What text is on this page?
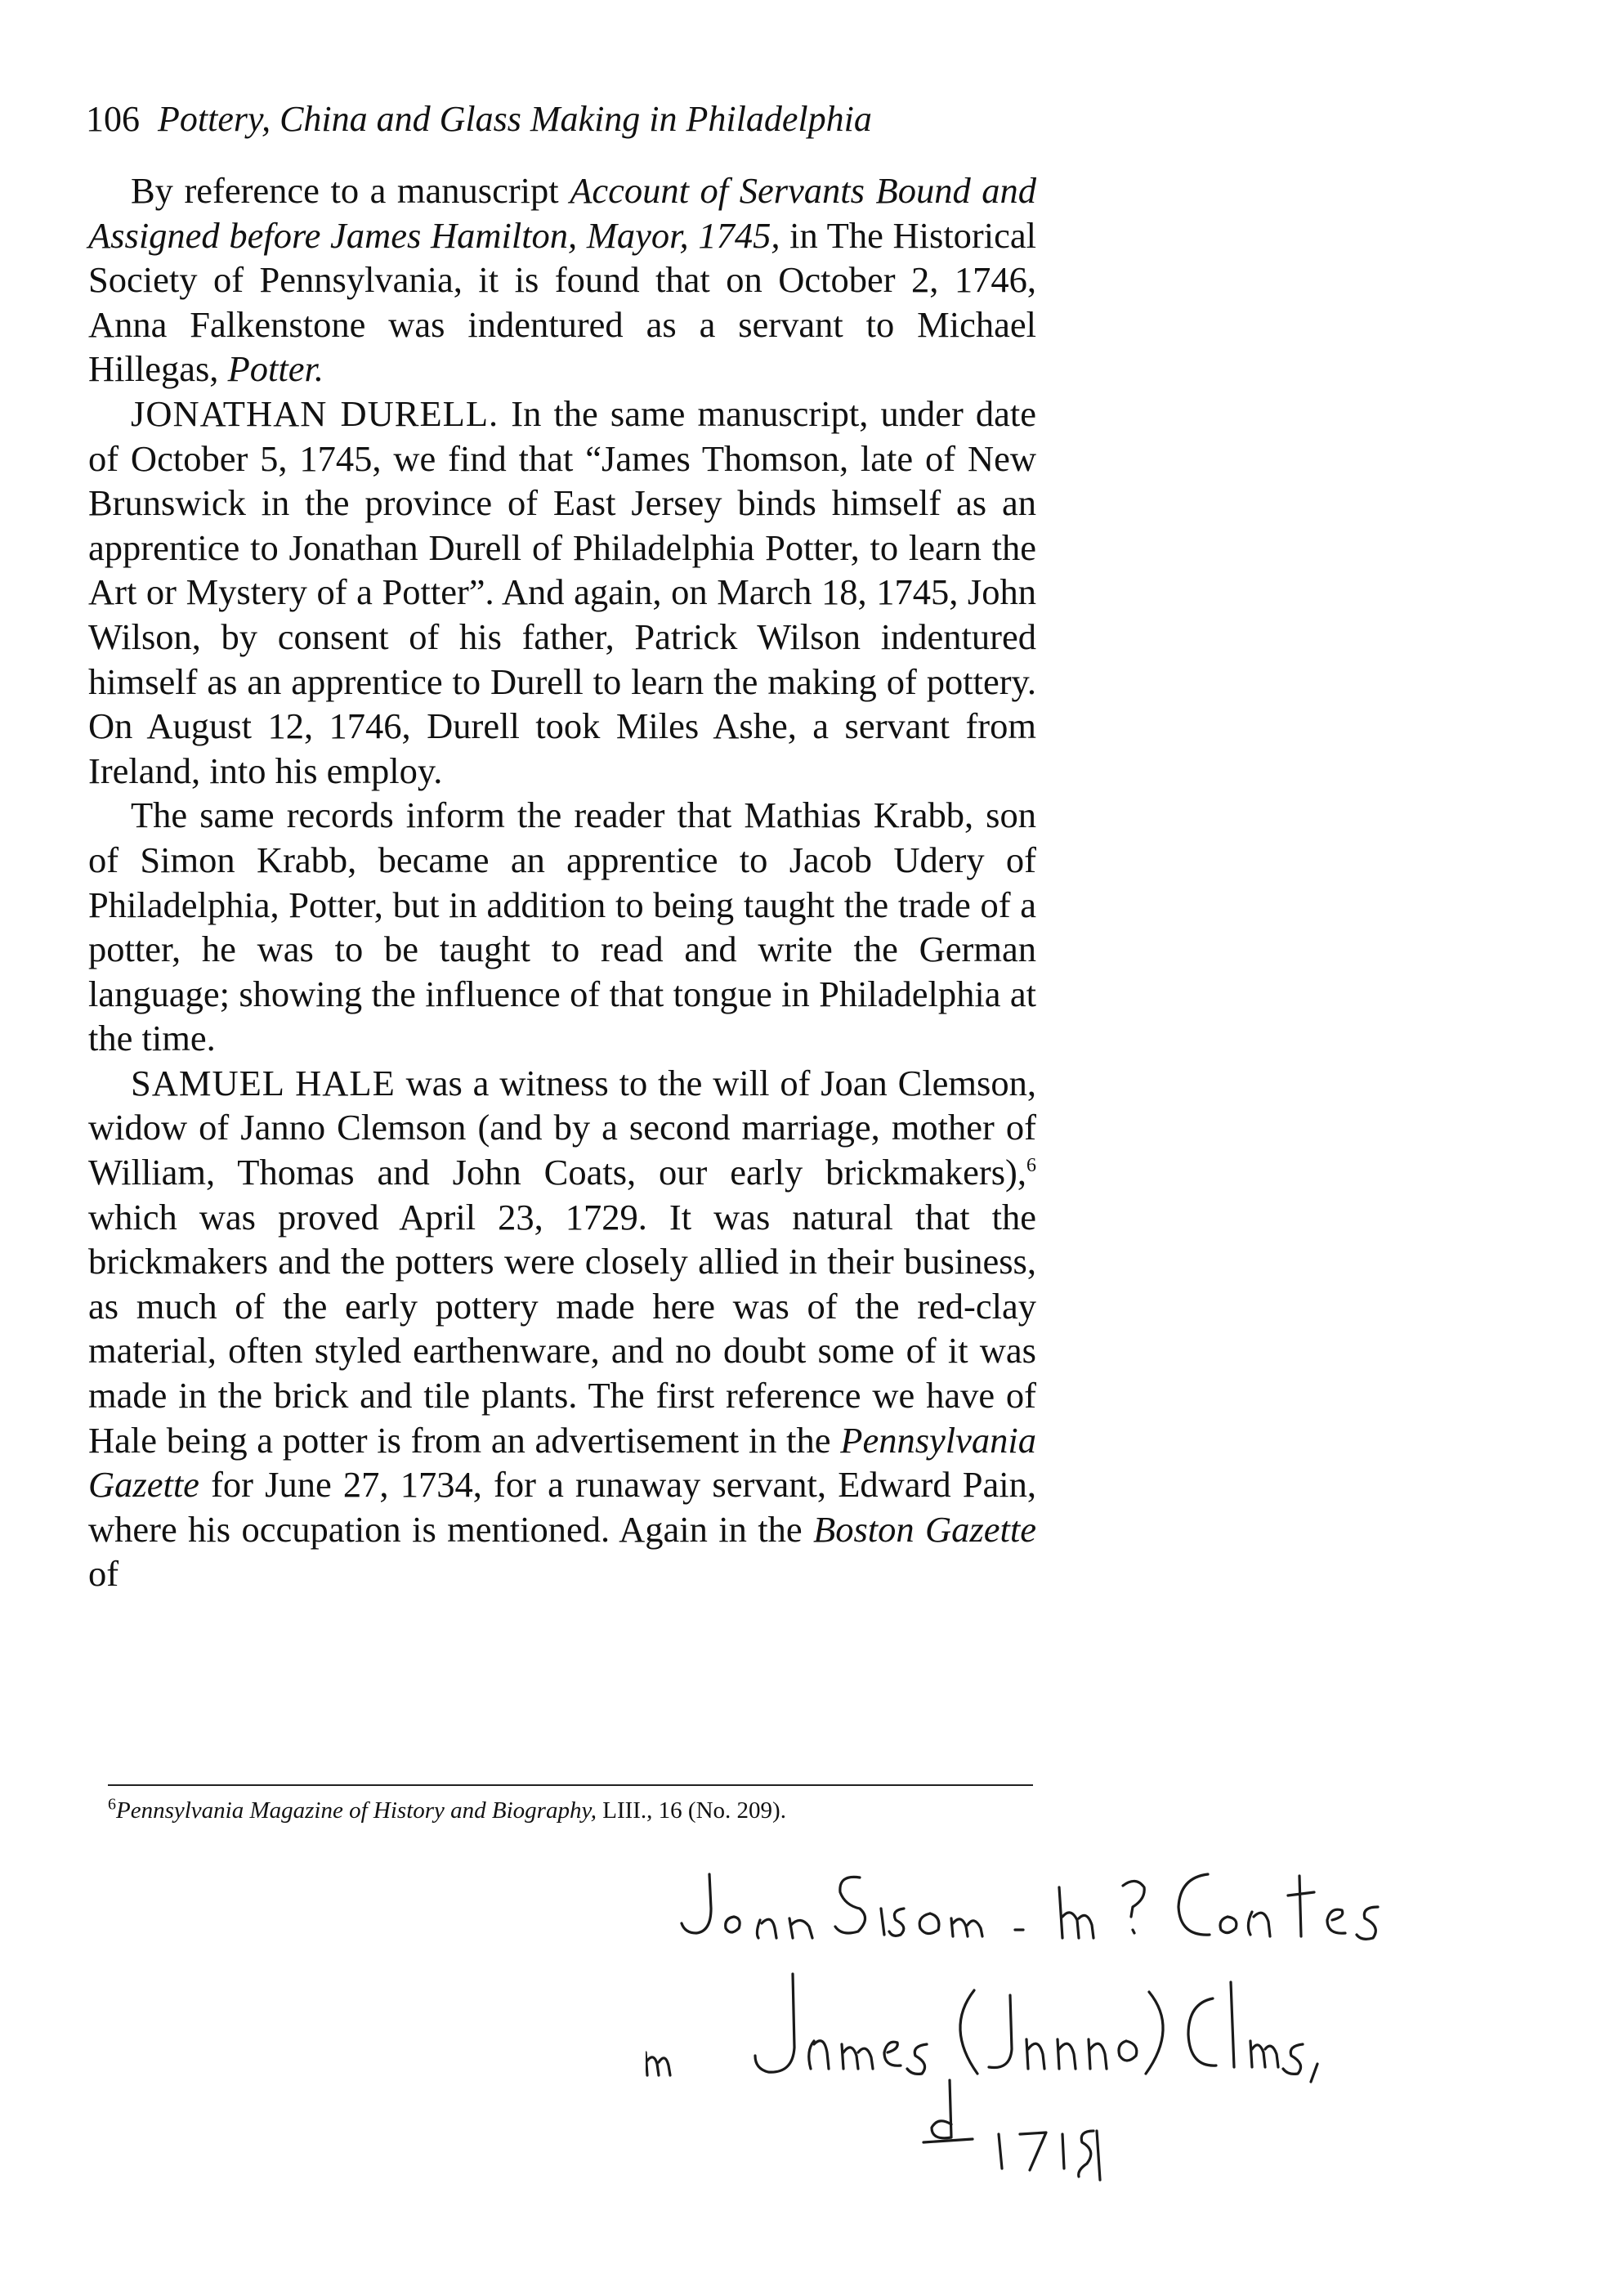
106 Pottery, China and Glass Making in Philadelphia

By reference to a manuscript Account of Servants Bound and Assigned before James Hamilton, Mayor, 1745, in The Historical Society of Pennsylvania, it is found that on October 2, 1746, Anna Falkenstone was indentured as a servant to Michael Hillegas, Potter.

JONATHAN DURELL. In the same manuscript, under date of October 5, 1745, we find that “James Thomson, late of New Brunswick in the province of East Jersey binds himself as an apprentice to Jonathan Durell of Philadelphia Potter, to learn the Art or Mystery of a Potter”. And again, on March 18, 1745, John Wilson, by consent of his father, Patrick Wilson indentured himself as an apprentice to Durell to learn the making of pottery. On August 12, 1746, Durell took Miles Ashe, a servant from Ireland, into his employ.

The same records inform the reader that Mathias Krabb, son of Simon Krabb, became an apprentice to Jacob Udery of Philadelphia, Potter, but in addition to being taught the trade of a potter, he was to be taught to read and write the German language; showing the influence of that tongue in Philadelphia at the time.

SAMUEL HALE was a witness to the will of Joan Clemson, widow of Janno Clemson (and by a second marriage, mother of William, Thomas and John Coats, our early brickmakers),$^6$ which was proved April 23, 1729. It was natural that the brickmakers and the potters were closely allied in their business, as much of the early pottery made here was of the red-clay material, often styled earthenware, and no doubt some of it was made in the brick and tile plants. The first reference we have of Hale being a potter is from an advertisement in the Pennsylvania Gazette for June 27, 1734, for a runaway servant, Edward Pain, where his occupation is mentioned. Again in the Boston Gazette of

$^6$Pennsylvania Magazine of History and Biography, LIII., 16 (No. 209).
